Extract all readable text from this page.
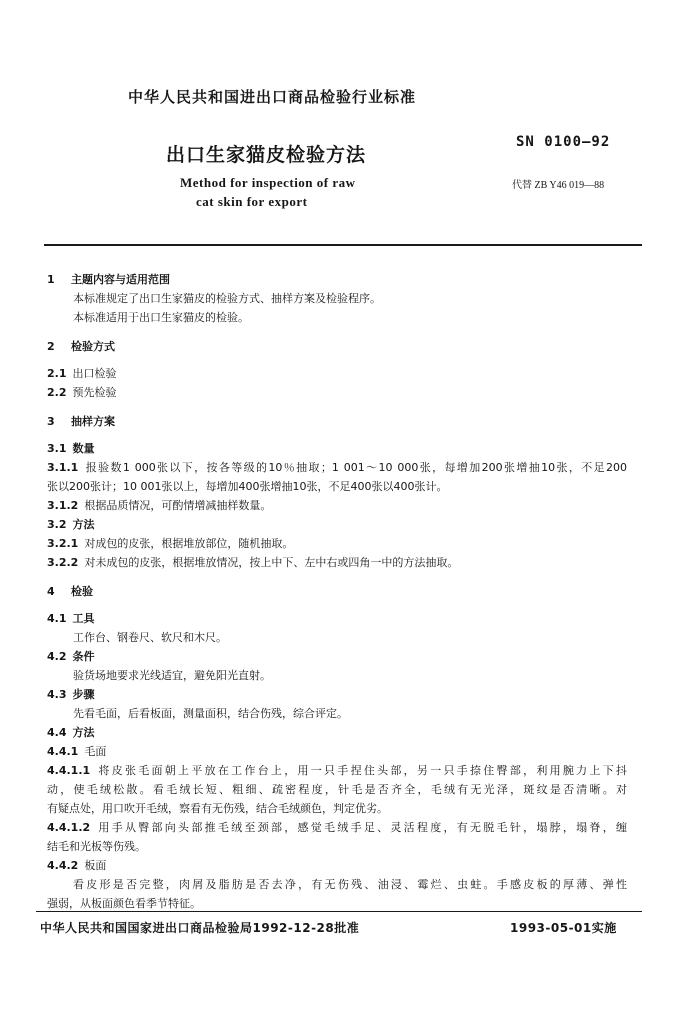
中华人民共和国进出口商品检验行业标准
出口生家猫皮检验方法
SN 0100—92
Method for inspection of raw
cat skin for export
代替 ZB Y46 019—88
1 主题内容与适用范围
本标准规定了出口生家猫皮的检验方式、抽样方案及检验程序。
本标准适用于出口生家猫皮的检验。
2 检验方式
2.1 出口检验
2.2 预先检验
3 抽样方案
3.1 数量
3.1.1 报验数1 000张以下，按各等级的10％抽取；1 001～10 000张，每增加200张增抽10张，不足200
张以200张计；10 001张以上，每增加400张增抽10张，不足400张以400张计。
3.1.2 根据品质情况，可酌情增减抽样数量。
3.2 方法
3.2.1 对成包的皮张，根据堆放部位，随机抽取。
3.2.2 对未成包的皮张，根据堆放情况，按上中下、左中右或四角一中的方法抽取。
4 检验
4.1 工具
工作台、钢卷尺、软尺和木尺。
4.2 条件
验货场地要求光线适宜，避免阳光直射。
4.3 步骤
先看毛面，后看板面，测量面积，结合伤残，综合评定。
4.4 方法
4.4.1 毛面
4.4.1.1 将皮张毛面朝上平放在工作台上，用一只手捏住头部，另一只手捺住臀部，利用腕力上下抖
动，使毛绒松散。看毛绒长短、粗细、疏密程度，针毛是否齐全，毛绒有无光泽，斑纹是否清晰。对
有疑点处，用口吹开毛绒，察看有无伤残，结合毛绒颜色，判定优劣。
4.4.1.2 用手从臀部向头部推毛绒至颈部，感觉毛绒手足、灵活程度，有无脱毛针，塌脖，塌脊，缠
结毛和光板等伤残。
4.4.2 板面
看皮形是否完整，肉屑及脂肪是否去净，有无伤残、油浸、霉烂、虫蛀。手感皮板的厚薄、弹性
强弱，从板面颜色看季节特征。
中华人民共和国国家进出口商品检验局1992-12-28批准	1993-05-01实施
